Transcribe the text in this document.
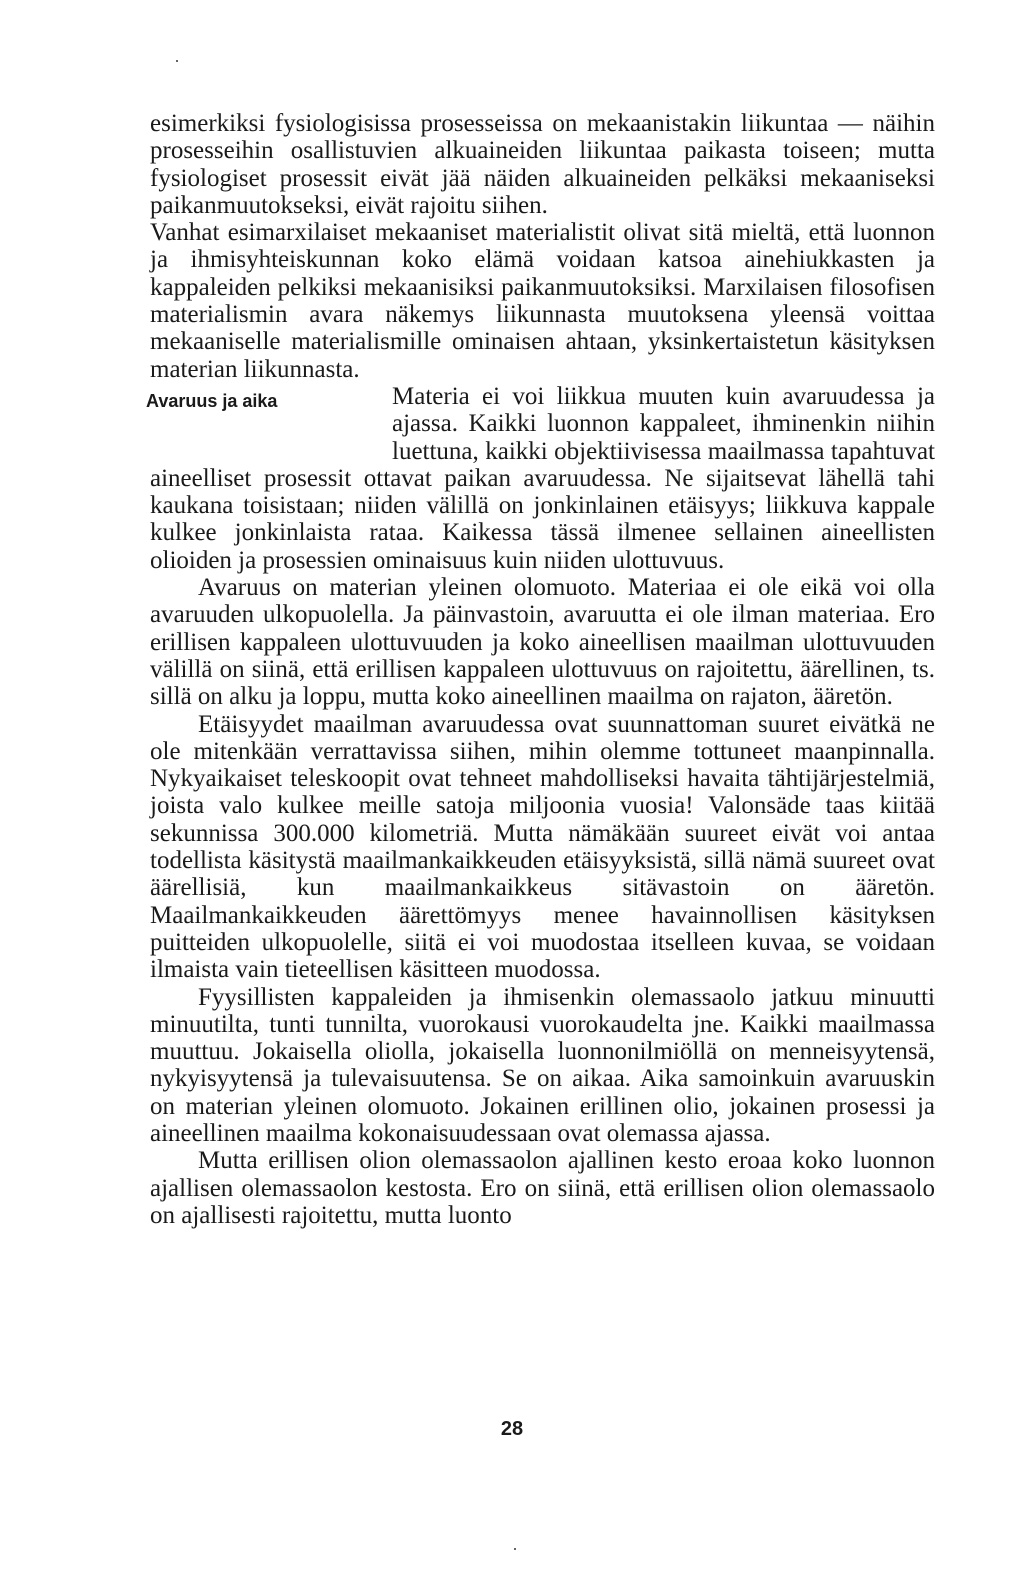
esimerkiksi fysiologisissa prosesseissa on mekaanistakin liikuntaa — näihin prosesseihin osallistuvien alkuaineiden liikuntaa paikasta toiseen; mutta fysiologiset prosessit eivät jää näiden alkuaineiden pelkäksi mekaaniseksi paikanmuutokseksi, eivät rajoitu siihen.

Vanhat esimarxilaiset mekaaniset materialistit olivat sitä mieltä, että luonnon ja ihmisyhteiskunnan koko elämä voidaan katsoa ainehiukkasten ja kappaleiden pelkiksi mekaanisiksi paikanmuutoksiksi. Marxilaisen filosofisen materialismin avara näkemys liikunnasta muutoksena yleensä voittaa mekaaniselle materialismille ominaisen ahtaan, yksinkertaistetun käsityksen materian liikunnasta.

Avaruus ja aika	Materia ei voi liikkua muuten kuin avaruudessa ja ajassa. Kaikki luonnon kappaleet, ihminenkin niihin luettuna, kaikki objektiivisessa maailmassa tapahtuvat aineelliset prosessit ottavat paikan avaruudessa. Ne sijaitsevat lähellä tahi kaukana toisistaan; niiden välillä on jonkinlainen etäisyys; liikkuva kappale kulkee jonkinlaista rataa. Kaikessa tässä ilmenee sellainen aineellisten olioiden ja prosessien ominaisuus kuin niiden ulottuvuus.

Avaruus on materian yleinen olomuoto. Materiaa ei ole eikä voi olla avaruuden ulkopuolella. Ja päinvastoin, avaruutta ei ole ilman materiaa. Ero erillisen kappaleen ulottuvuuden ja koko aineellisen maailman ulottuvuuden välillä on siinä, että erillisen kappaleen ulottuvuus on rajoitettu, äärellinen, ts. sillä on alku ja loppu, mutta koko aineellinen maailma on rajaton, ääretön.

Etäisyydet maailman avaruudessa ovat suunnattoman suuret eivätkä ne ole mitenkään verrattavissa siihen, mihin olemme tottuneet maanpinnalla. Nykyaikaiset teleskoopit ovat tehneet mahdolliseksi havaita tähtijärjestelmiä, joista valo kulkee meille satoja miljoonia vuosia! Valonsäde taas kiitää sekunnissa 300.000 kilometriä. Mutta nämäkään suureet eivät voi antaa todellista käsitystä maailmankaikkeuden etäisyyksistä, sillä nämä suureet ovat äärellisiä, kun maailmankaikkeus sitävastoin on ääretön. Maailmankaikkeuden äärettömyys menee havainnollisen käsityksen puitteiden ulkopuolelle, siitä ei voi muodostaa itselleen kuvaa, se voidaan ilmaista vain tieteellisen käsitteen muodossa.

Fyysillisten kappaleiden ja ihmisenkin olemassaolo jatkuu minuutti minuutilta, tunti tunnilta, vuorokausi vuorokaudelta jne. Kaikki maailmassa muuttuu. Jokaisella oliolla, jokaisella luonnonilmiöllä on menneisyytensä, nykyisyytensä ja tulevaisuutensa. Se on aikaa. Aika samoinkuin avaruuskin on materian yleinen olomuoto. Jokainen erillinen olio, jokainen prosessi ja aineellinen maailma kokonaisuudessaan ovat olemassa ajassa.

Mutta erillisen olion olemassaolon ajallinen kesto eroaa koko luonnon ajallisen olemassaolon kestosta. Ero on siinä, että erillisen olion olemassaolo on ajallisesti rajoitettu, mutta luonto

28
